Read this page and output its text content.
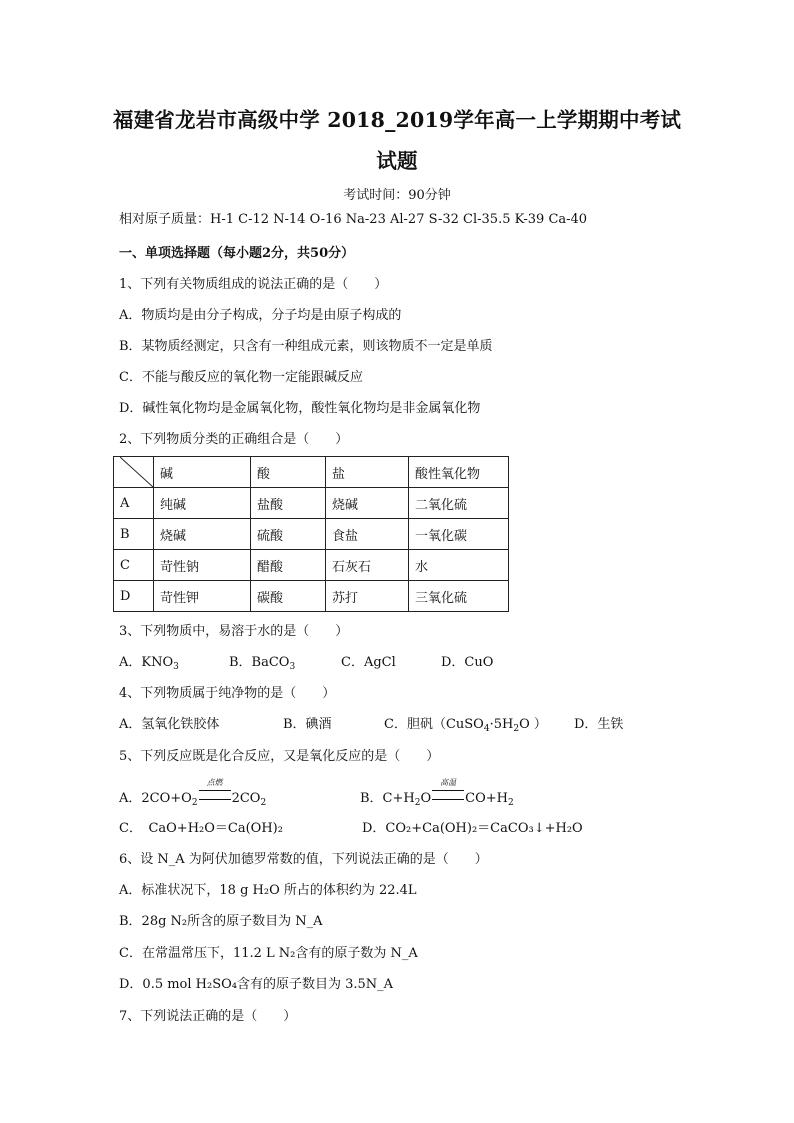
福建省龙岩市高级中学 2018_2019学年高一上学期期中考试试题
考试时间：90分钟
相对原子质量：H-1 C-12 N-14 O-16 Na-23 Al-27 S-32 Cl-35.5 K-39 Ca-40
一、单项选择题（每小题2分，共50分）
1、下列有关物质组成的说法正确的是（　　）
A．物质均是由分子构成，分子均是由原子构成的
B．某物质经测定，只含有一种组成元素，则该物质不一定是单质
C．不能与酸反应的氧化物一定能跟碱反应
D．碱性氧化物均是金属氧化物，酸性氧化物均是非金属氧化物
2、下列物质分类的正确组合是（　　）
	碱	酸	盐	酸性氧化物
A	纯碱	盐酸	烧碱	二氧化硫
B	烧碱	硫酸	食盐	一氧化碳
C	苛性钠	醋酸	石灰石	水
D	苛性钾	碳酸	苏打	三氧化硫
3、下列物质中，易溶于水的是（　　）
A．$KNO_3$	B．BaCO$_3$	C．AgCl	D．CuO
4、下列物质属于纯净物的是（　　）
A．氢氧化铁胶体	B．碘酒	C．胆矾（$CuSO_4\cdot 5H_2O$ ） D．生铁
5、下列反应既是化合反应，又是氧化反应的是（　　）
A．$2CO+O_2$
点燃
$2CO_2$	B．$C+H_2O$
高温
$CO+H_2$
C．　CaO+H₂O＝Ca(OH)₂	D．CO₂+Ca(OH)₂＝CaCO₃↓+H₂O
6、设 N_A 为阿伏加德罗常数的值，下列说法正确的是（　　）
A．标准状况下，18 g H₂O 所占的体积约为 22.4L
B．28g N₂所含的原子数目为 N_A
C．在常温常压下，11.2 L N₂含有的原子数为 N_A
D．0.5 mol H₂SO₄含有的原子数目为 3.5N_A
7、下列说法正确的是（　　）
